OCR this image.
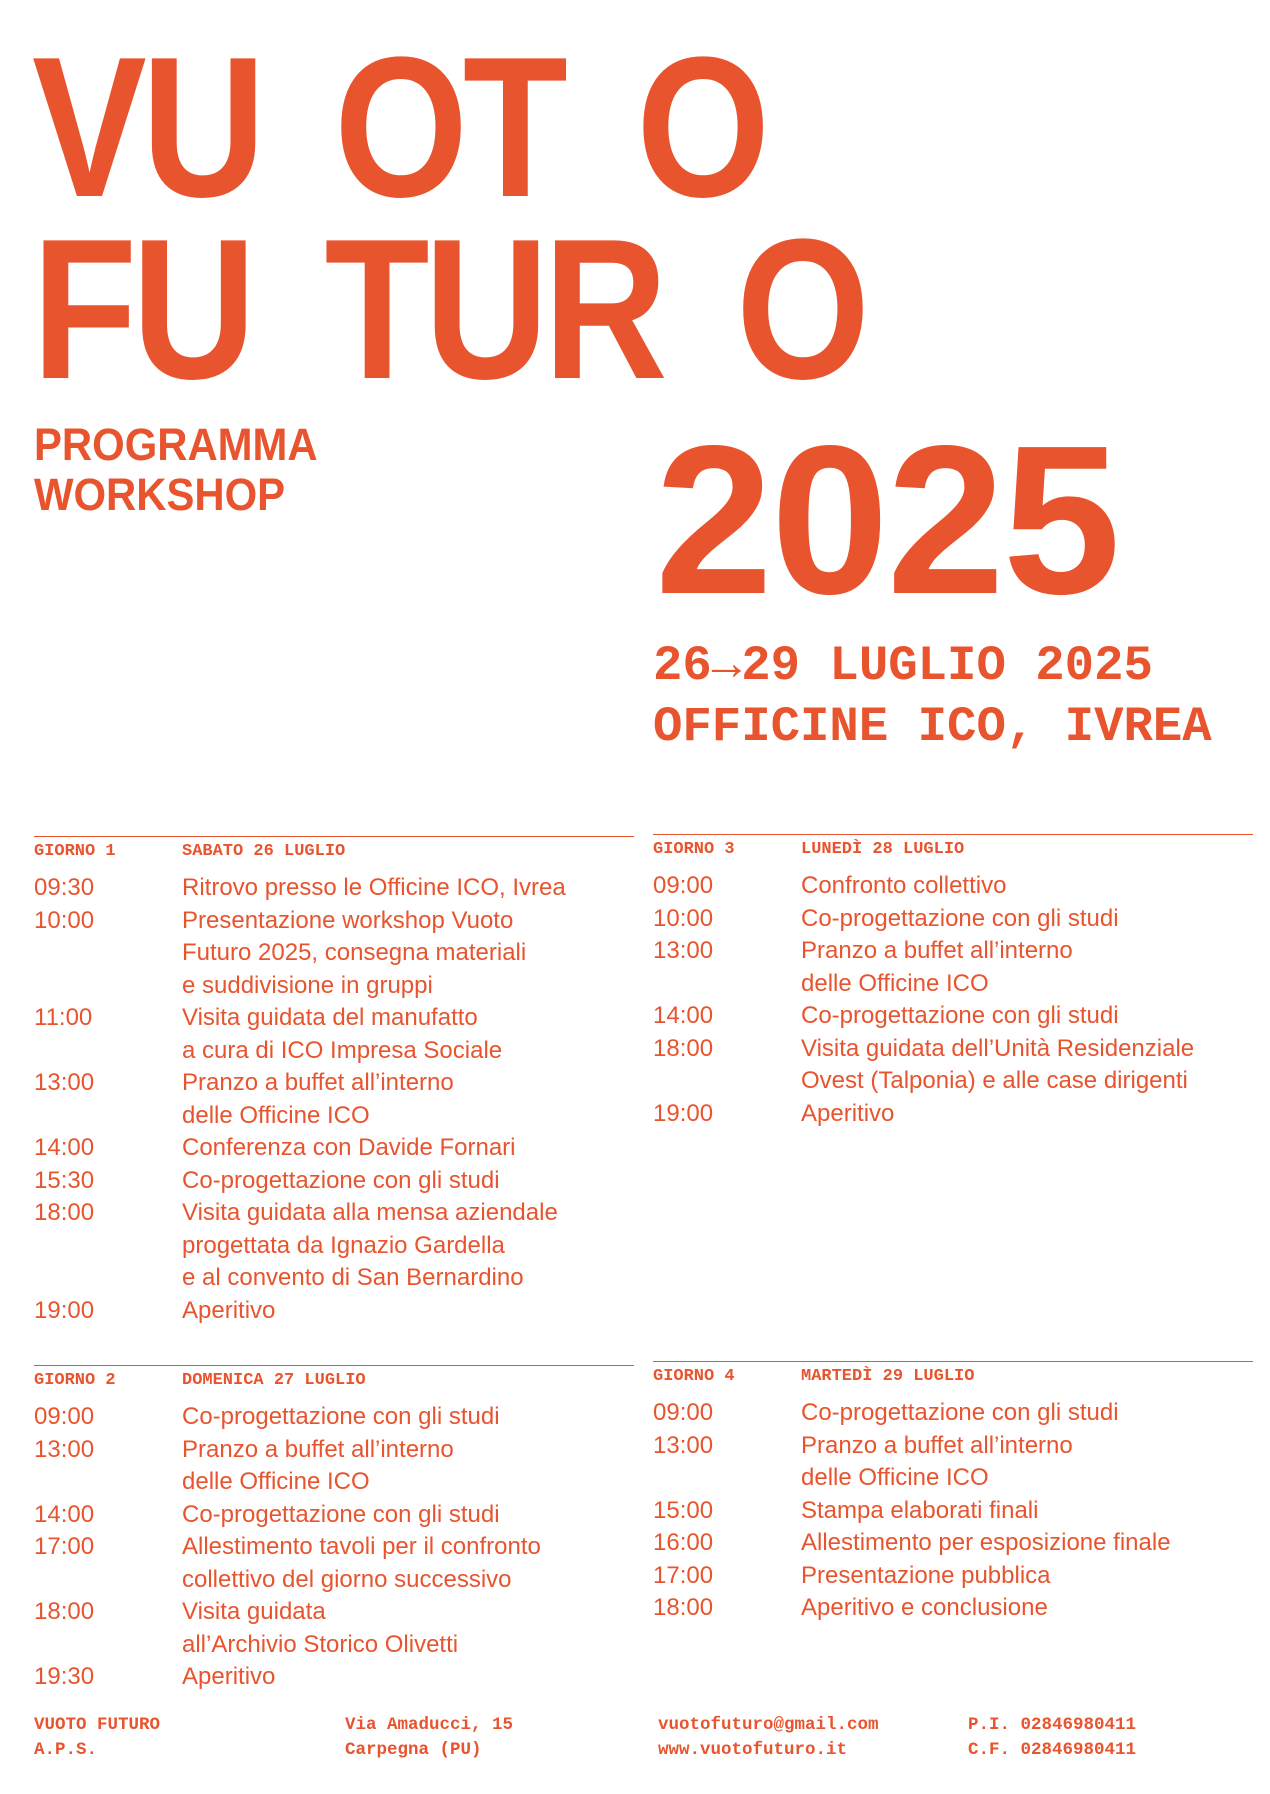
VU OT O
FU TUR O
2025
PROGRAMMA
WORKSHOP
26→29 LUGLIO 2025
OFFICINE ICO, IVREA
GIORNO 1	SABATO 26 LUGLIO
09:30	Ritrovo presso le Officine ICO, Ivrea
10:00	Presentazione workshop Vuoto
Futuro 2025, consegna materiali
e suddivisione in gruppi
11:00	Visita guidata del manufatto
a cura di ICO Impresa Sociale
13:00	Pranzo a buffet all’interno
delle Officine ICO
14:00	Conferenza con Davide Fornari
15:30	Co-progettazione con gli studi
18:00	Visita guidata alla mensa aziendale
progettata da Ignazio Gardella
e al convento di San Bernardino
19:00	Aperitivo
GIORNO 2	DOMENICA 27 LUGLIO
09:00	Co-progettazione con gli studi
13:00	Pranzo a buffet all’interno
delle Officine ICO
14:00	Co-progettazione con gli studi
17:00	Allestimento tavoli per il confronto
collettivo del giorno successivo
18:00	Visita guidata
all’Archivio Storico Olivetti
19:30	Aperitivo
GIORNO 3	LUNEDÌ 28 LUGLIO
09:00	Confronto collettivo
10:00	Co-progettazione con gli studi
13:00	Pranzo a buffet all’interno
delle Officine ICO
14:00	Co-progettazione con gli studi
18:00	Visita guidata dell’Unità Residenziale
Ovest (Talponia) e alle case dirigenti
19:00	Aperitivo
GIORNO 4	MARTEDÌ 29 LUGLIO
09:00	Co-progettazione con gli studi
13:00	Pranzo a buffet all’interno
delle Officine ICO
15:00	Stampa elaborati finali
16:00	Allestimento per esposizione finale
17:00	Presentazione pubblica
18:00	Aperitivo e conclusione
VUOTO FUTURO
A.P.S.
Via Amaducci, 15
Carpegna (PU)
vuotofuturo@gmail.com
www.vuotofuturo.it
P.I. 02846980411
C.F. 02846980411
